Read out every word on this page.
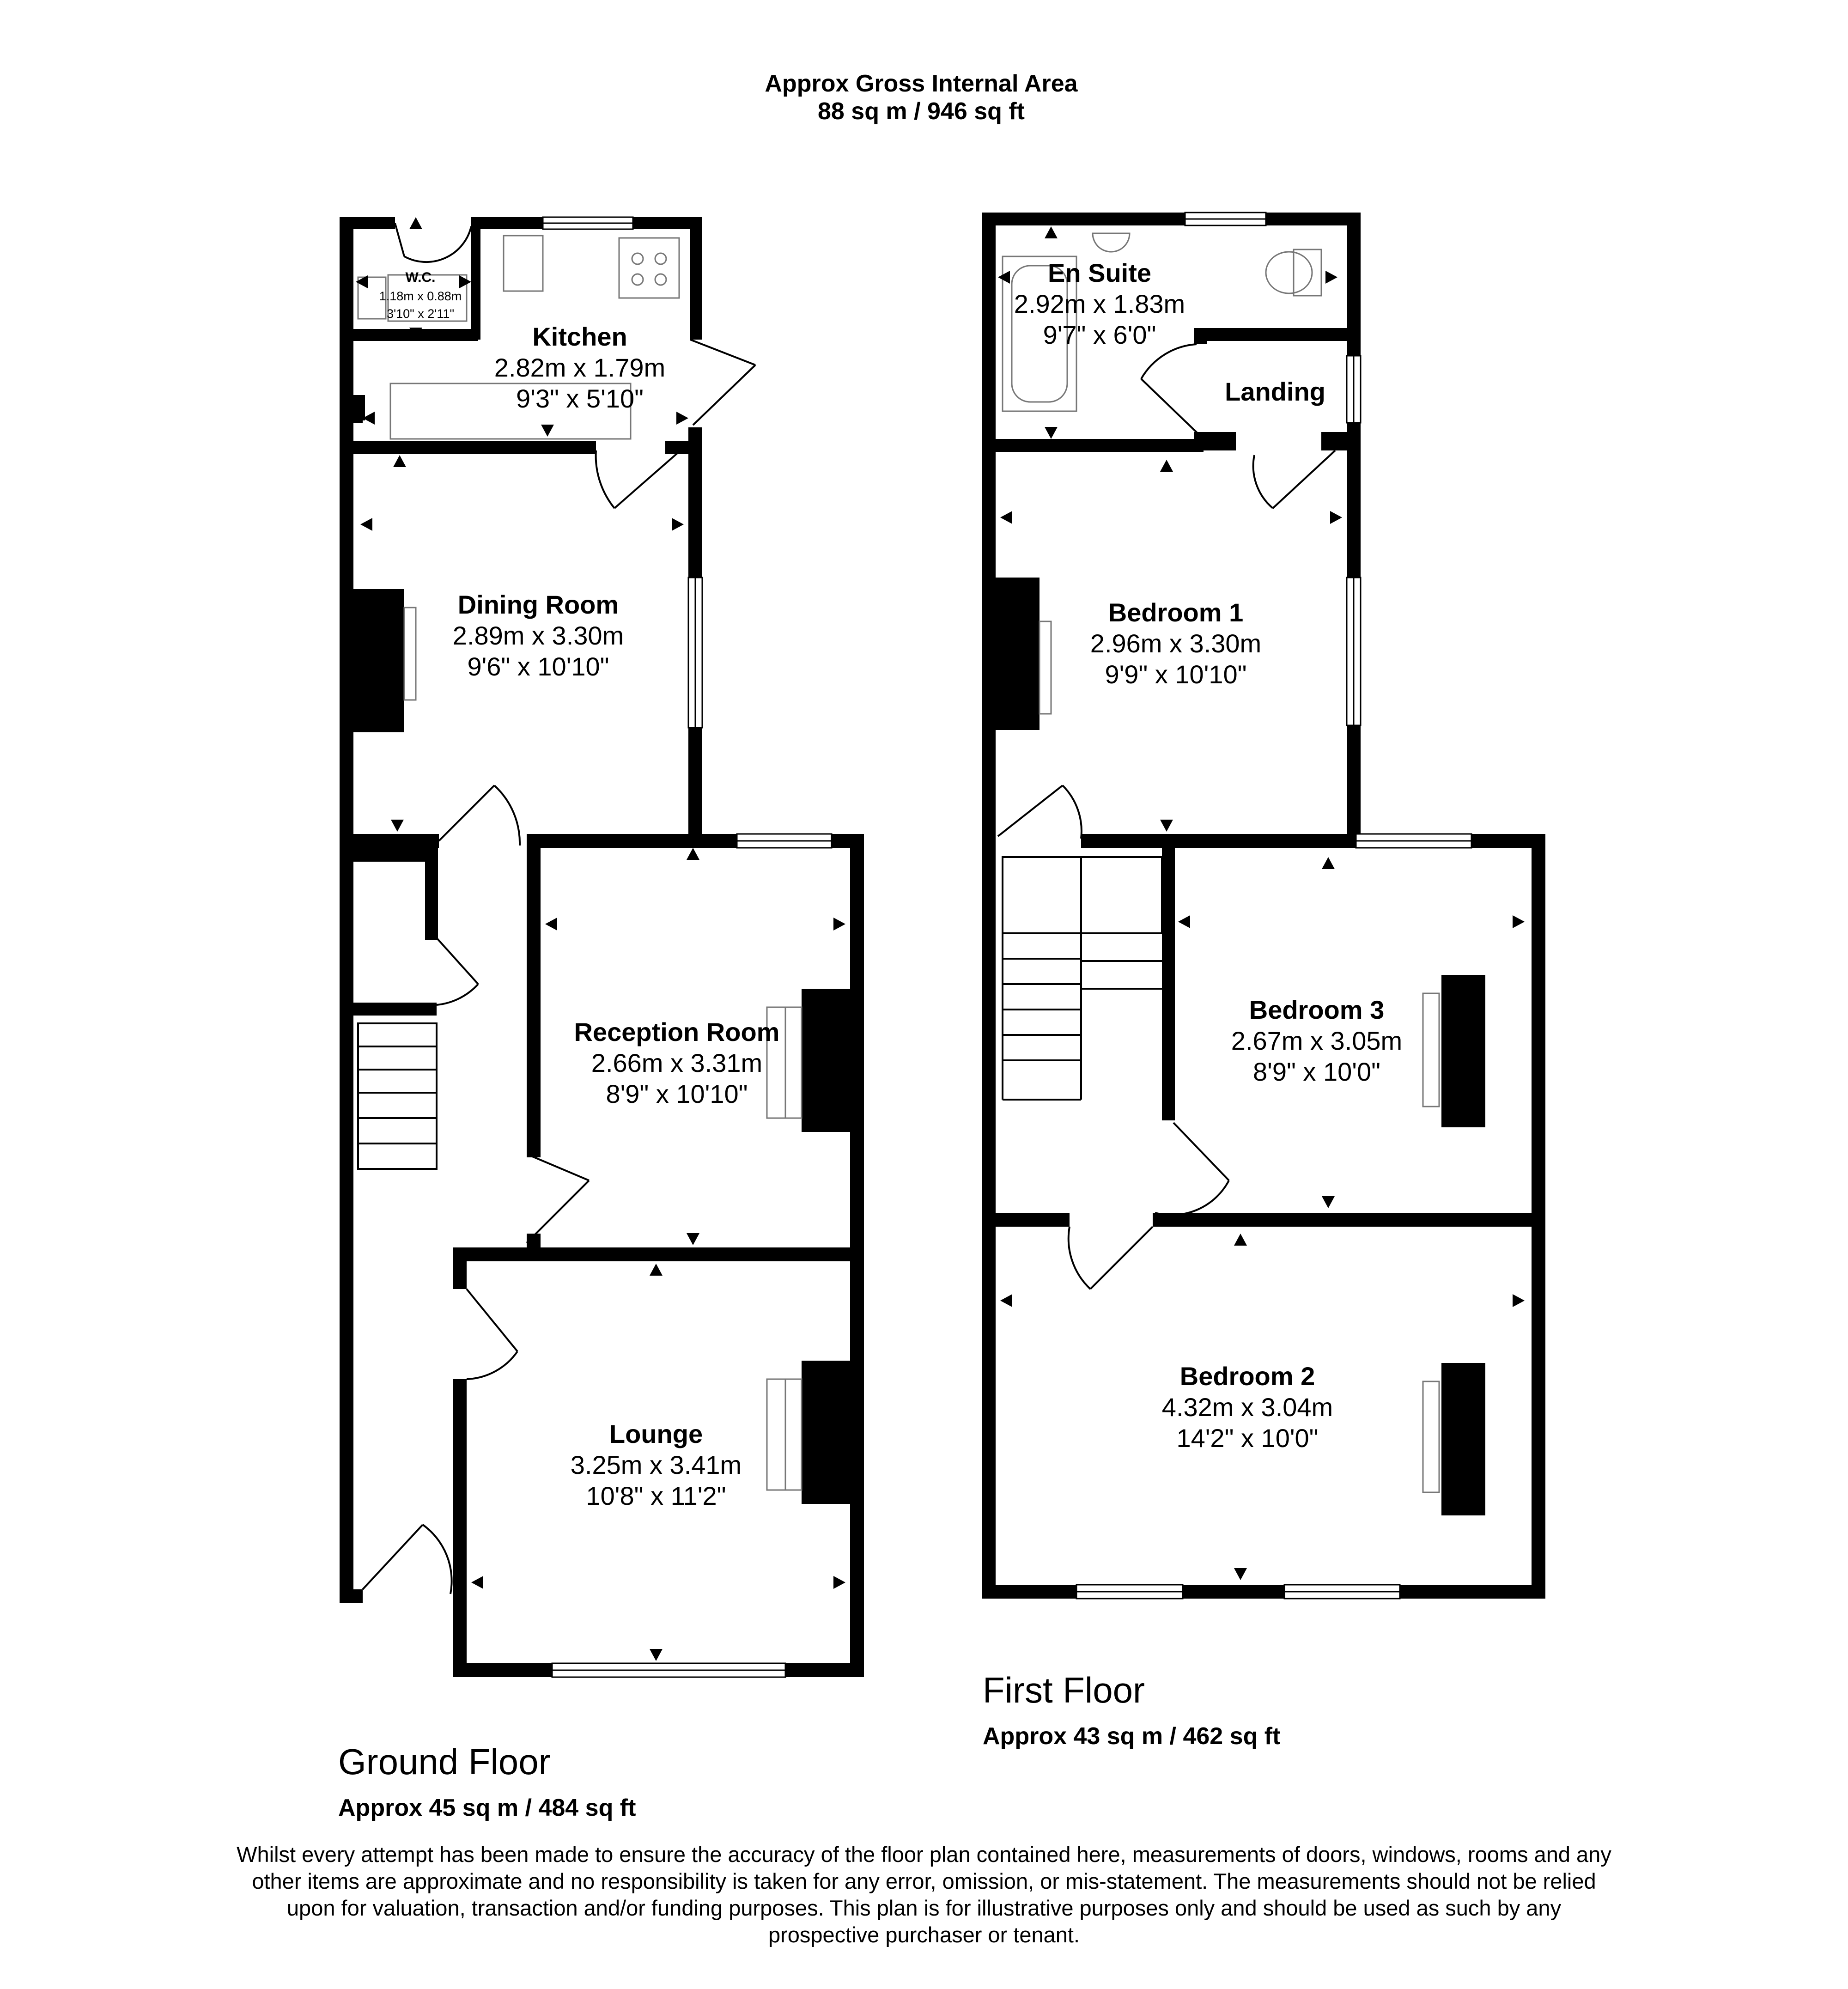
Approx Gross Internal Area
88 sq m / 946 sq ft
W.C.
1.18m x 0.88m
3'10" x 2'11"
Kitchen
2.82m x 1.79m
9'3" x 5'10"
Dining Room
2.89m x 3.30m
9'6" x 10'10"
Reception Room
2.66m x 3.31m
8'9" x 10'10"
Lounge
3.25m x 3.41m
10'8" x 11'2"
Ground Floor
Approx 45 sq m / 484 sq ft
En Suite
2.92m x 1.83m
9'7" x 6'0"
Landing
Bedroom 1
2.96m x 3.30m
9'9" x 10'10"
Bedroom 3
2.67m x 3.05m
8'9" x 10'0"
Bedroom 2
4.32m x 3.04m
14'2" x 10'0"
First Floor
Approx 43 sq m / 462 sq ft

Whilst every attempt has been made to ensure the accuracy of the floor plan contained here, measurements of doors, windows, rooms and any other items are approximate and no responsibility is taken for any error, omission, or mis-statement. The measurements should not be relied upon for valuation, transaction and/or funding purposes. This plan is for illustrative purposes only and should be used as such by any prospective purchaser or tenant.
